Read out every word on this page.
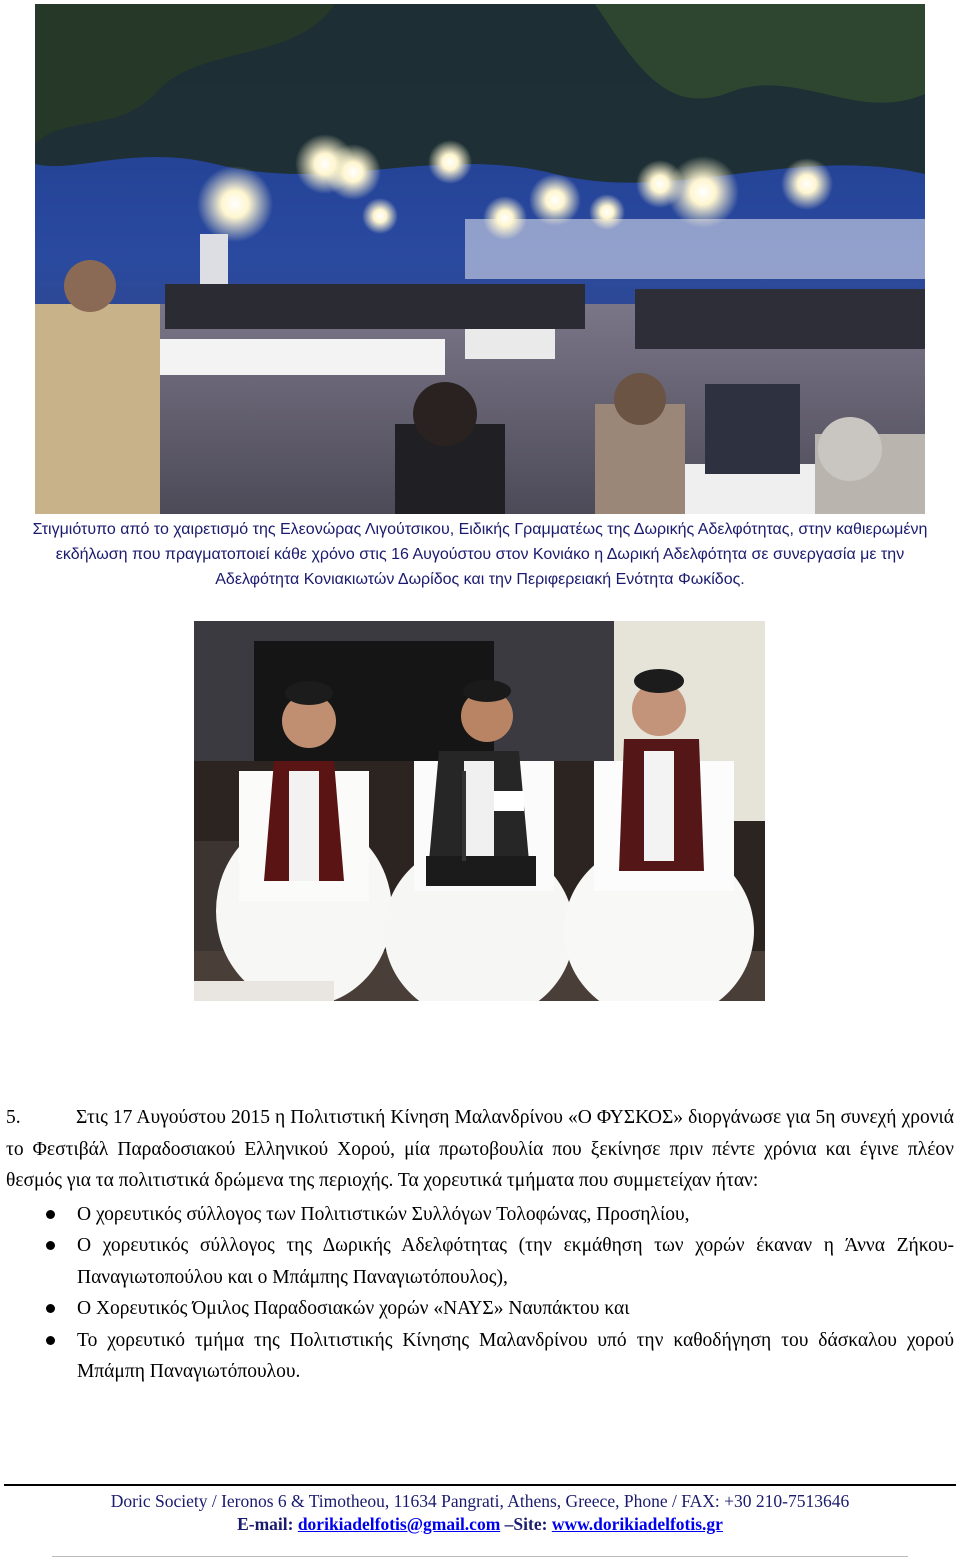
Στιγμιότυπο από το χαιρετισμό της Ελεονώρας Λιγούτσικου, Ειδικής Γραμματέως της Δωρικής Αδελφότητας, στην καθιερωμένη εκδήλωση που πραγματοποιεί κάθε χρόνο στις 16 Αυγούστου στον Κονιάκο η Δωρική Αδελφότητα σε συνεργασία με την Αδελφότητα Κονιακιωτών Δωρίδος και την Περιφερειακή Ενότητα Φωκίδος.

5.	Στις 17 Αυγούστου 2015 η Πολιτιστική Κίνηση Μαλανδρίνου «Ο ΦΥΣΚΟΣ» διοργάνωσε για 5η συνεχή χρονιά το Φεστιβάλ Παραδοσιακού Ελληνικού Χορού, μία πρωτοβουλία που ξεκίνησε πριν πέντε χρόνια και έγινε πλέον θεσμός για τα πολιτιστικά δρώμενα της περιοχής. Τα χορευτικά τμήματα που συμμετείχαν ήταν:

Ο χορευτικός σύλλογος των Πολιτιστικών Συλλόγων Τολοφώνας, Προσηλίου,
Ο χορευτικός σύλλογος της Δωρικής Αδελφότητας (την εκμάθηση των χορών έκαναν η Άννα Ζήκου-Παναγιωτοπούλου και ο Μπάμπης Παναγιωτόπουλος),
Ο Χορευτικός Όμιλος Παραδοσιακών χορών «ΝΑΥΣ» Ναυπάκτου και
Το χορευτικό τμήμα της Πολιτιστικής Κίνησης Μαλανδρίνου υπό την καθοδήγηση του δάσκαλου χορού Μπάμπη Παναγιωτόπουλου.
Doric Society / Ieronos 6 & Timotheou, 11634 Pangrati, Athens, Greece, Phone / FAX: +30 210-7513646
E-mail: dorikiadelfotis@gmail.com –Site: www.dorikiadelfotis.gr
